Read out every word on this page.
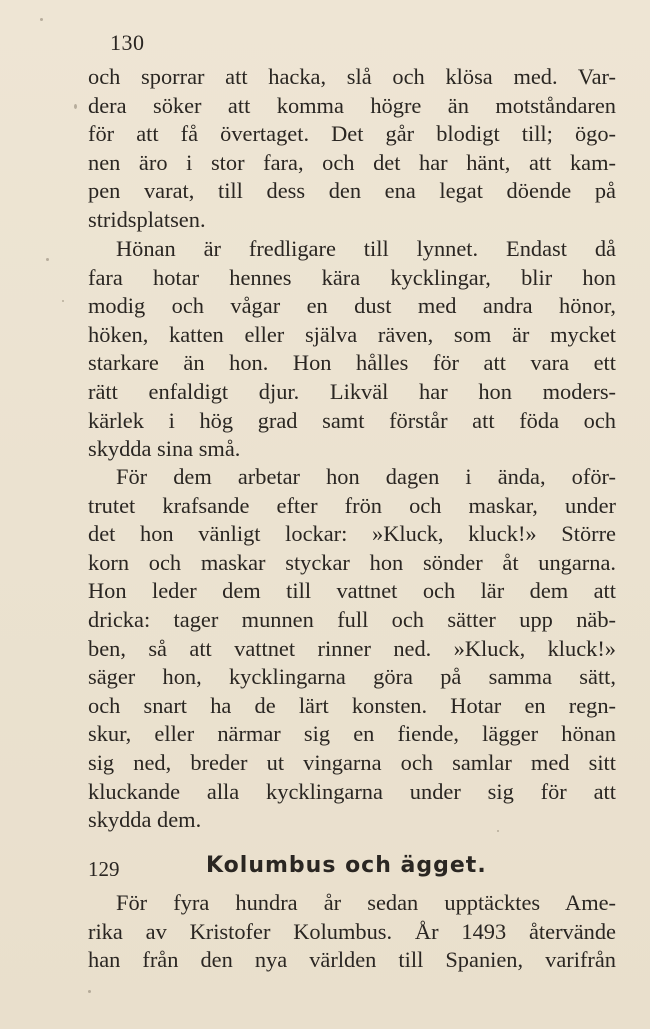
130
och sporrar att hacka, slå och klösa med. Var-
dera söker att komma högre än motståndaren
för att få övertaget. Det går blodigt till; ögo-
nen äro i stor fara, och det har hänt, att kam-
pen varat, till dess den ena legat döende på
stridsplatsen.
Hönan är fredligare till lynnet. Endast då
fara hotar hennes kära kycklingar, blir hon
modig och vågar en dust med andra hönor,
höken, katten eller själva räven, som är mycket
starkare än hon. Hon hålles för att vara ett
rätt enfaldigt djur. Likväl har hon moders-
kärlek i hög grad samt förstår att föda och
skydda sina små.
För dem arbetar hon dagen i ända, oför-
trutet krafsande efter frön och maskar, under
det hon vänligt lockar: »Kluck, kluck!» Större
korn och maskar styckar hon sönder åt ungarna.
Hon leder dem till vattnet och lär dem att
dricka: tager munnen full och sätter upp näb-
ben, så att vattnet rinner ned. »Kluck, kluck!»
säger hon, kycklingarna göra på samma sätt,
och snart ha de lärt konsten. Hotar en regn-
skur, eller närmar sig en fiende, lägger hönan
sig ned, breder ut vingarna och samlar med sitt
kluckande alla kycklingarna under sig för att
skydda dem.
129	Kolumbus och ägget.
För fyra hundra år sedan upptäcktes Ame-
rika av Kristofer Kolumbus. År 1493 återvände
han från den nya världen till Spanien, varifrån
